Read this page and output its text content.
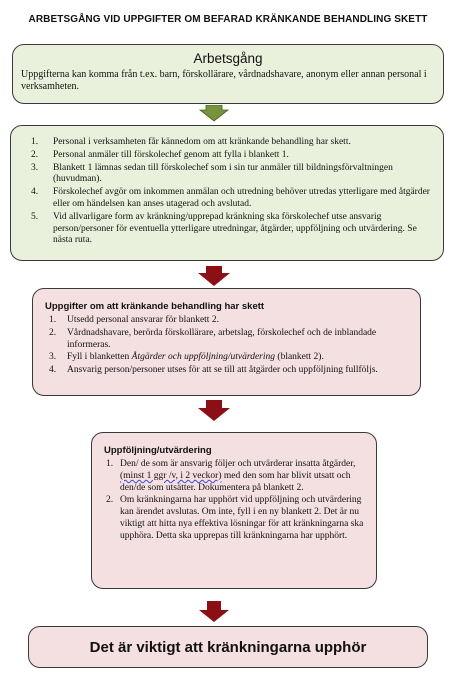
ARBETSGÅNG VID UPPGIFTER OM BEFARAD KRÄNKANDE BEHANDLING SKETT
Arbetsgång
Uppgifterna kan komma från t.ex. barn, förskollärare, vårdnadshavare, anonym eller annan personal i verksamheten.
1. Personal i verksamheten får kännedom om att kränkande behandling har skett.
2. Personal anmäler till förskolechef genom att fylla i blankett 1.
3. Blankett 1 lämnas sedan till förskolechef som i sin tur anmäler till bildningsförvaltningen (huvudman).
4. Förskolechef avgör om inkommen anmälan och utredning behöver utredas ytterligare med åtgärder eller om händelsen kan anses utagerad och avslutad.
5. Vid allvarligare form av kränkning/upprepad kränkning ska förskolechef utse ansvarig person/personer för eventuella ytterligare utredningar, åtgärder, uppföljning och utvärdering. Se nästa ruta.
Uppgifter om att kränkande behandling har skett
1. Utsedd personal ansvarar för blankett 2.
2. Vårdnadshavare, berörda förskollärare, arbetslag, förskolechef och de inblandade informeras.
3. Fyll i blanketten Åtgärder och uppföljning/utvärdering (blankett 2).
4. Ansvarig person/personer utses för att se till att åtgärder och uppföljning fullföljs.
Uppföljning/utvärdering
1. Den/ de som är ansvarig följer och utvärderar insatta åtgärder, (minst 1 ggr /v, i 2 veckor) med den som har blivit utsatt och den/de som utsätter. Dokumentera på blankett 2.
2. Om kränkningarna har upphört vid uppföljning och utvärdering kan ärendet avslutas. Om inte, fyll i en ny blankett 2. Det är nu viktigt att hitta nya effektiva lösningar för att kränkningarna ska upphöra. Detta ska upprepas till kränkningarna har upphört.
Det är viktigt att kränkningarna upphör
